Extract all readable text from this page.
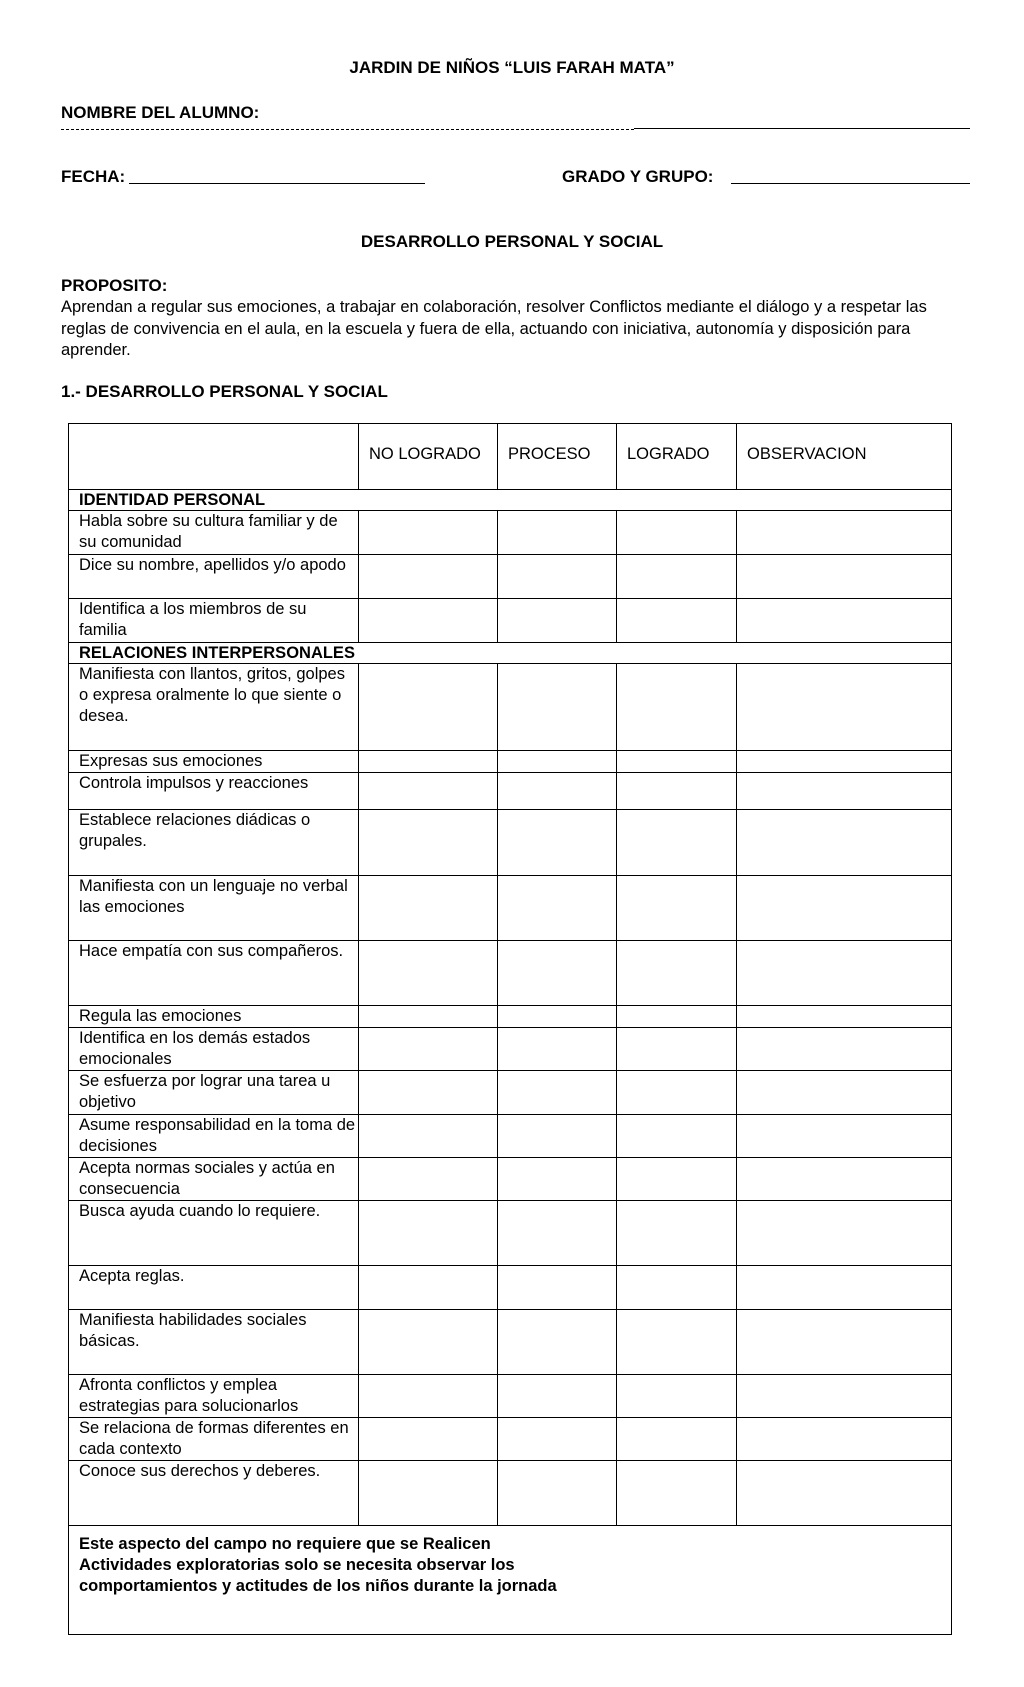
JARDIN DE NIÑOS “LUIS FARAH MATA”
NOMBRE DEL ALUMNO:
FECHA:	GRADO Y GRUPO:
DESARROLLO PERSONAL Y SOCIAL
PROPOSITO:
Aprendan a regular sus emociones, a trabajar en colaboración, resolver Conflictos mediante el diálogo y a respetar las reglas de convivencia en el aula, en la escuela y fuera de ella, actuando con iniciativa, autonomía y disposición para aprender.
1.- DESARROLLO PERSONAL Y SOCIAL
	NO LOGRADO	PROCESO	LOGRADO	OBSERVACION
IDENTIDAD PERSONAL				
Habla sobre su cultura familiar y de su comunidad				
Dice su nombre, apellidos y/o apodo				
Identifica a los miembros de su familia				
RELACIONES INTERPERSONALES				
Manifiesta con llantos, gritos, golpes o expresa oralmente lo que siente o desea.				
Expresas sus emociones				
Controla impulsos y reacciones				
Establece relaciones diádicas o grupales.				
Manifiesta con un lenguaje no verbal las emociones				
Hace empatía con sus compañeros.				
Regula las emociones				
Identifica en los demás estados emocionales				
Se esfuerza por lograr una tarea u objetivo				
Asume responsabilidad en la toma de decisiones				
Acepta normas sociales y actúa en consecuencia				
Busca ayuda cuando lo requiere.				
Acepta reglas.				
Manifiesta habilidades sociales básicas.				
Afronta conflictos y emplea estrategias para solucionarlos				
Se relaciona de formas diferentes en cada contexto				
Conoce sus derechos y deberes.				

Este aspecto del campo no requiere que se Realicen Actividades exploratorias solo se necesita observar los comportamientos y actitudes de los niños durante la jornada				
